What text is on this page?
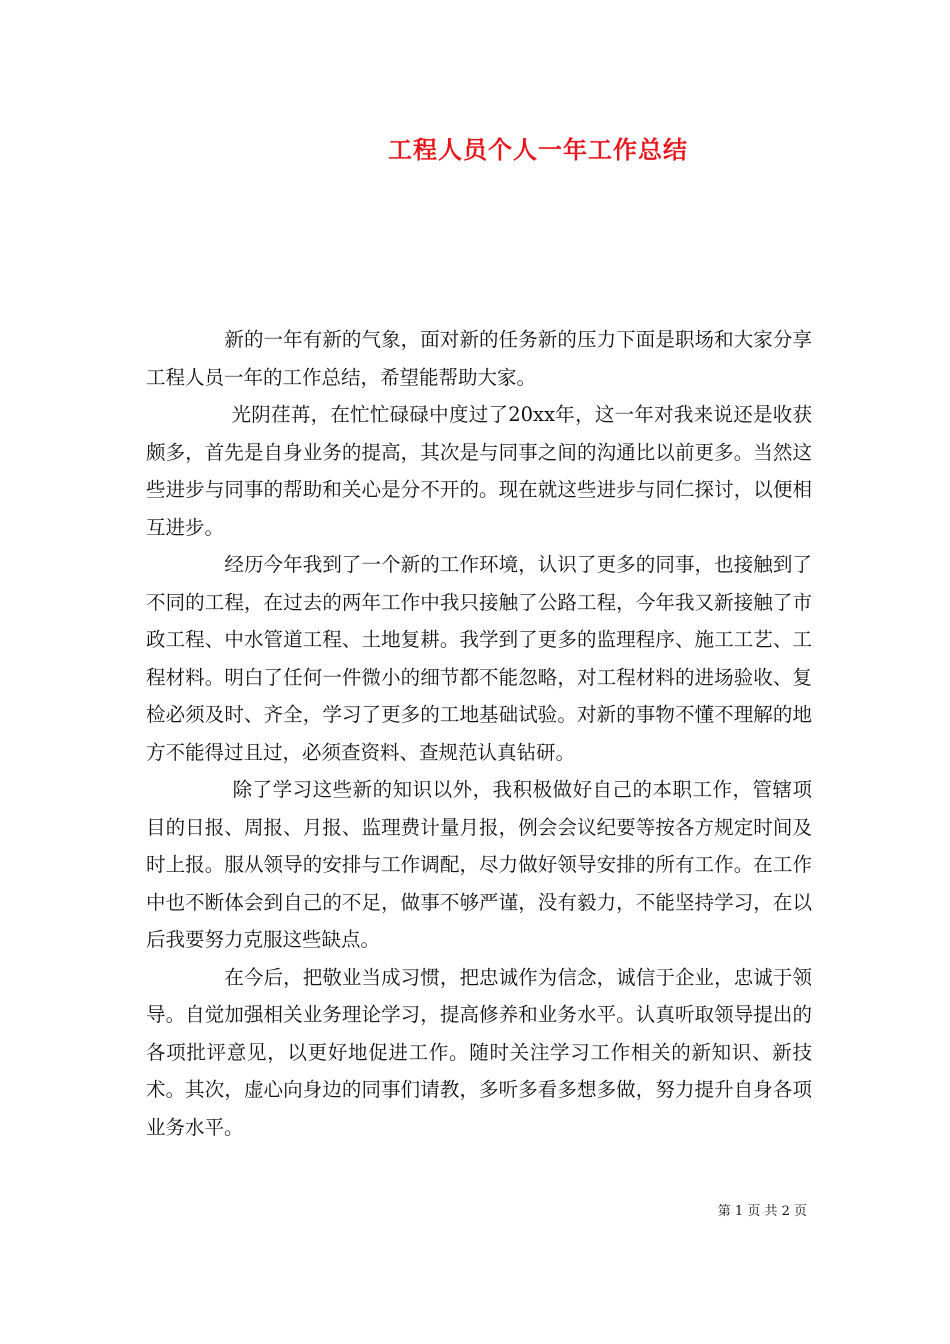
工程人员个人一年工作总结

　　　　新的一年有新的气象，面对新的任务新的压力下面是职场和大家分享工程人员一年的工作总结，希望能帮助大家。

　　　　 光阴荏苒，在忙忙碌碌中度过了20xx年，这一年对我来说还是收获颇多，首先是自身业务的提高，其次是与同事之间的沟通比以前更多。当然这些进步与同事的帮助和关心是分不开的。现在就这些进步与同仁探讨，以便相互进步。

　　　　经历今年我到了一个新的工作环境，认识了更多的同事，也接触到了不同的工程，在过去的两年工作中我只接触了公路工程，今年我又新接触了市政工程、中水管道工程、土地复耕。我学到了更多的监理程序、施工工艺、工程材料。明白了任何一件微小的细节都不能忽略，对工程材料的进场验收、复检必须及时、齐全，学习了更多的工地基础试验。对新的事物不懂不理解的地方不能得过且过，必须查资料、查规范认真钻研。

　　　　 除了学习这些新的知识以外，我积极做好自己的本职工作，管辖项目的日报、周报、月报、监理费计量月报，例会会议纪要等按各方规定时间及时上报。服从领导的安排与工作调配，尽力做好领导安排的所有工作。在工作中也不断体会到自己的不足，做事不够严谨，没有毅力，不能坚持学习，在以后我要努力克服这些缺点。

　　　　在今后，把敬业当成习惯，把忠诚作为信念，诚信于企业，忠诚于领导。自觉加强相关业务理论学习，提高修养和业务水平。认真听取领导提出的各项批评意见，以更好地促进工作。随时关注学习工作相关的新知识、新技术。其次，虚心向身边的同事们请教，多听多看多想多做，努力提升自身各项业务水平。

第 1 页 共 2 页
